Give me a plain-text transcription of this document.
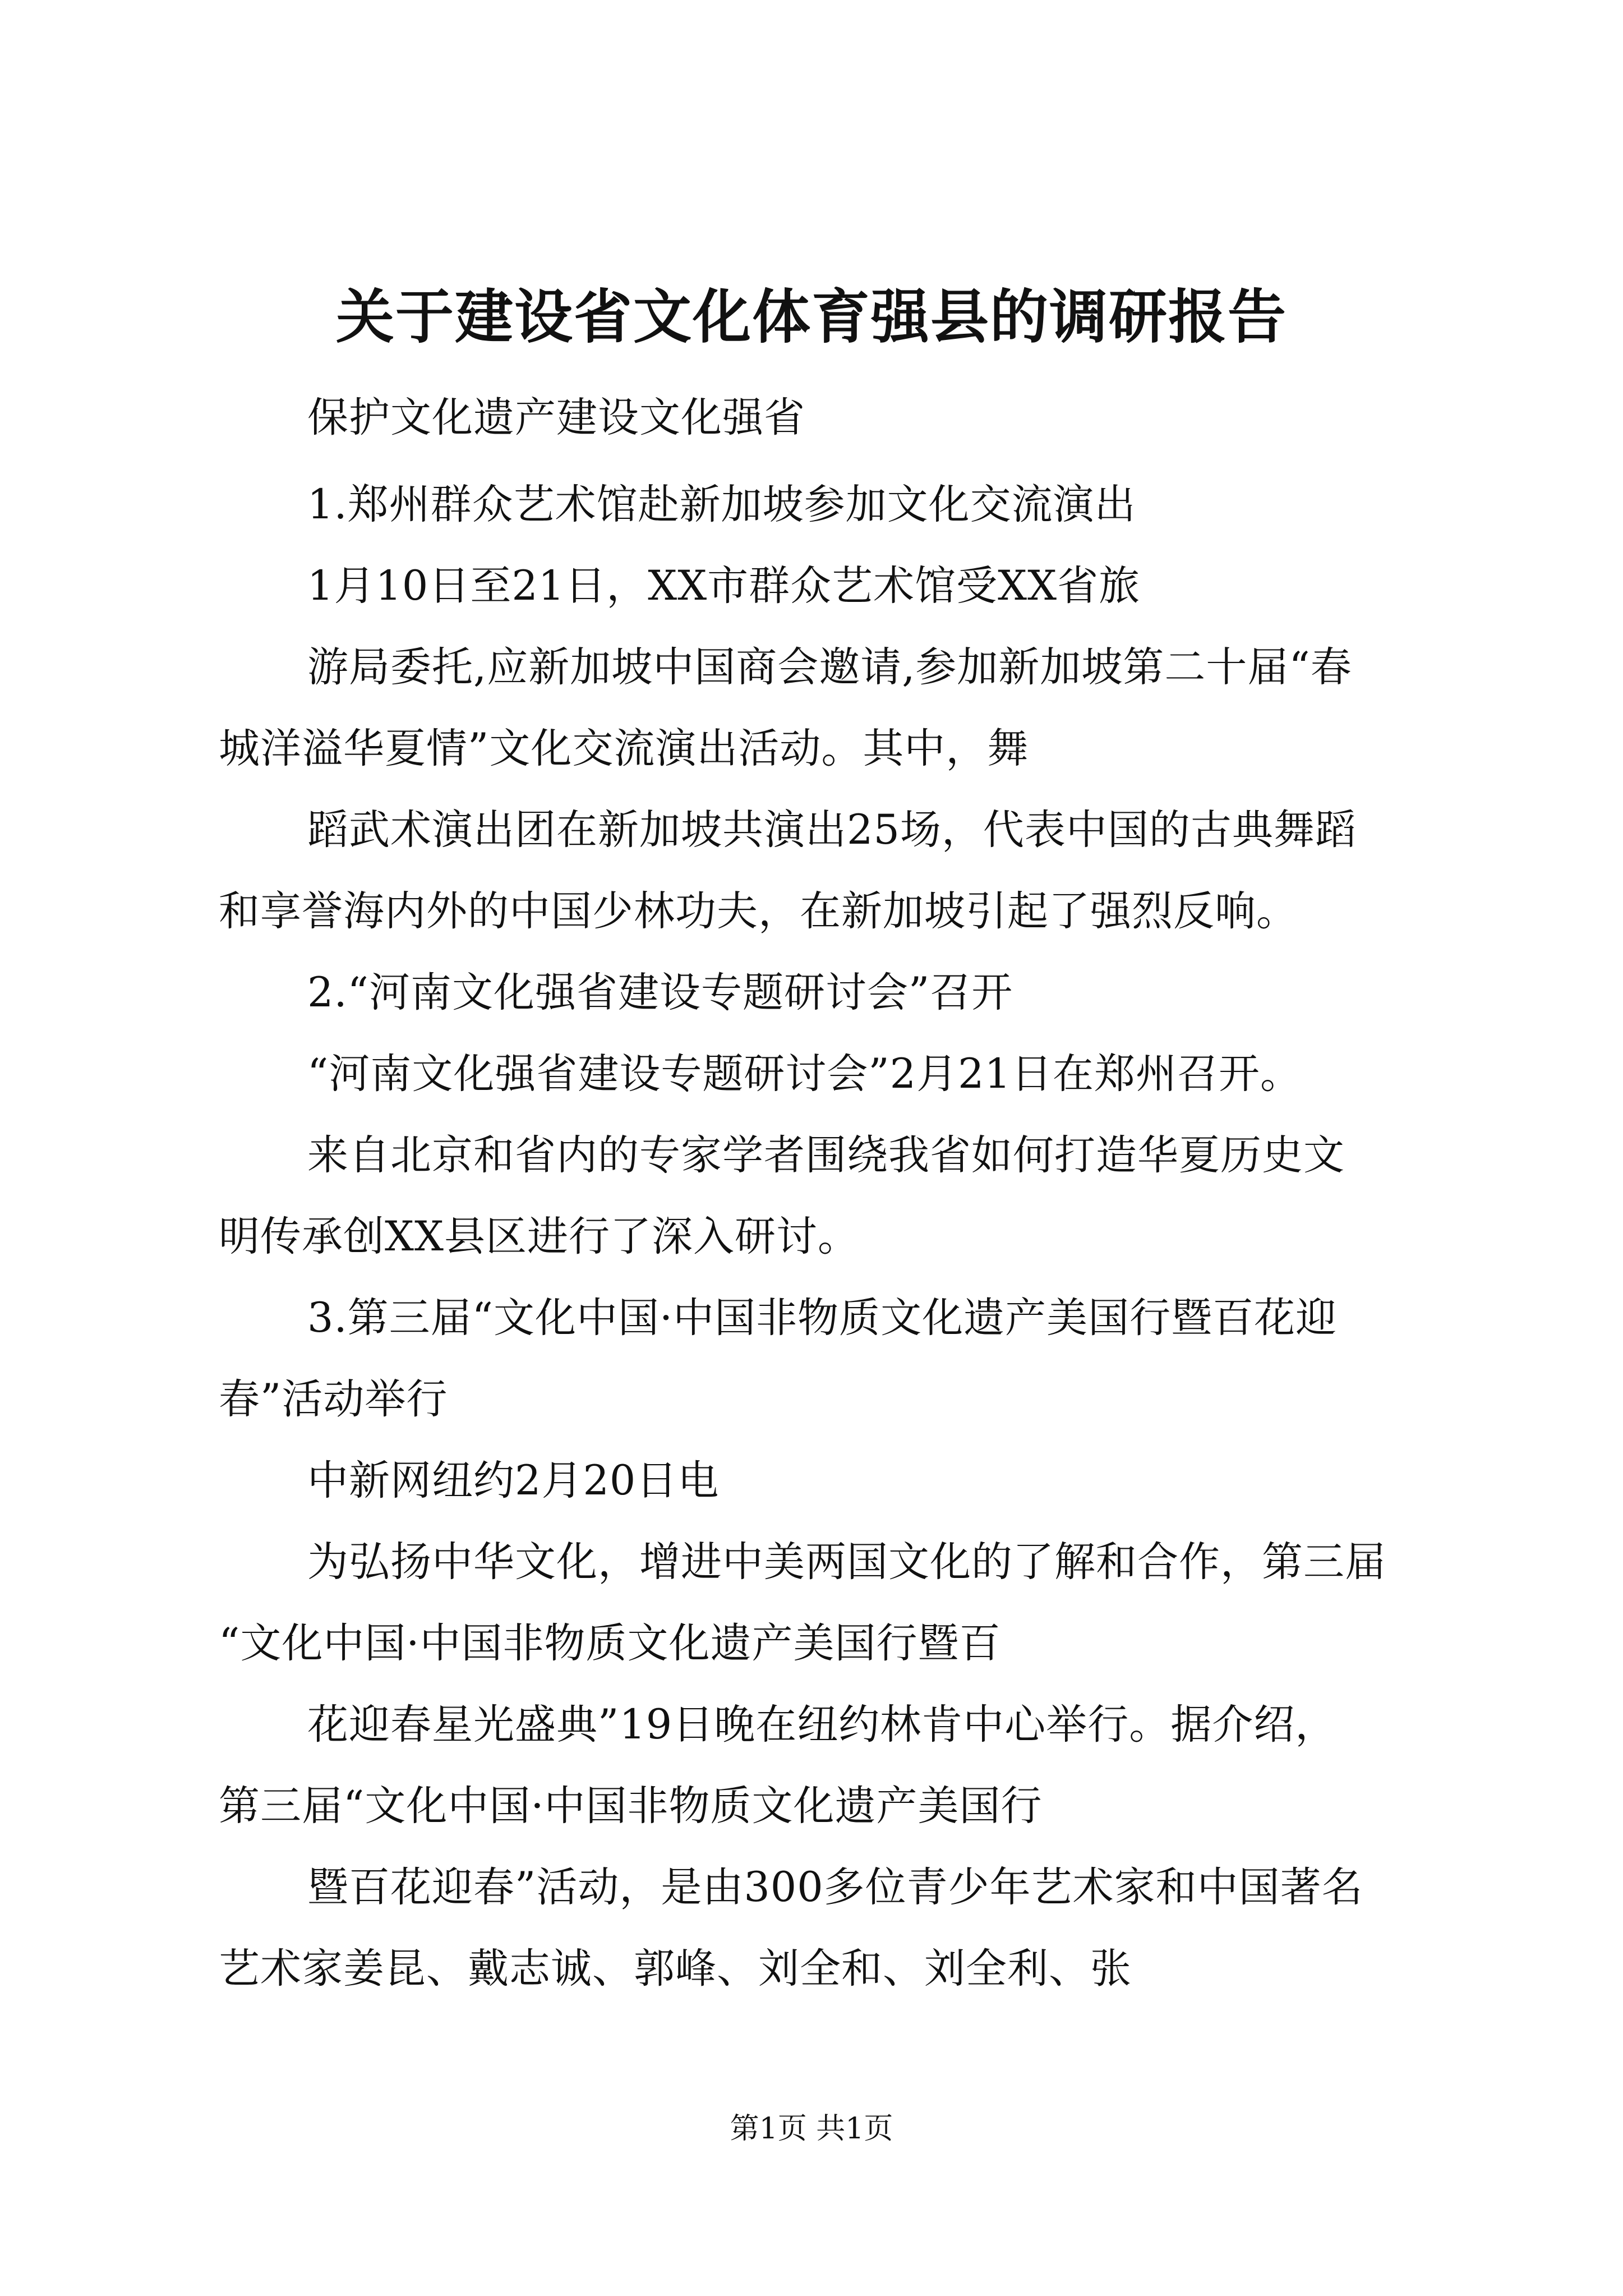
关于建设省文化体育强县的调研报告
保护文化遗产建设文化强省
1.郑州群众艺术馆赴新加坡参加文化交流演出
1月10日至21日，XX市群众艺术馆受XX省旅
游局委托,应新加坡中国商会邀请,参加新加坡第二十届“春
城洋溢华夏情”文化交流演出活动。其中，舞
蹈武术演出团在新加坡共演出25场，代表中国的古典舞蹈
和享誉海内外的中国少林功夫，在新加坡引起了强烈反响。
2.“河南文化强省建设专题研讨会”召开
“河南文化强省建设专题研讨会”2月21日在郑州召开。
来自北京和省内的专家学者围绕我省如何打造华夏历史文
明传承创XX县区进行了深入研讨。
3.第三届“文化中国·中国非物质文化遗产美国行暨百花迎
春”活动举行
中新网纽约2月20日电
为弘扬中华文化，增进中美两国文化的了解和合作，第三届
“文化中国·中国非物质文化遗产美国行暨百
花迎春星光盛典”19日晚在纽约林肯中心举行。据介绍，
第三届“文化中国·中国非物质文化遗产美国行
暨百花迎春”活动，是由300多位青少年艺术家和中国著名
艺术家姜昆、戴志诚、郭峰、刘全和、刘全利、张
第1页 共1页
